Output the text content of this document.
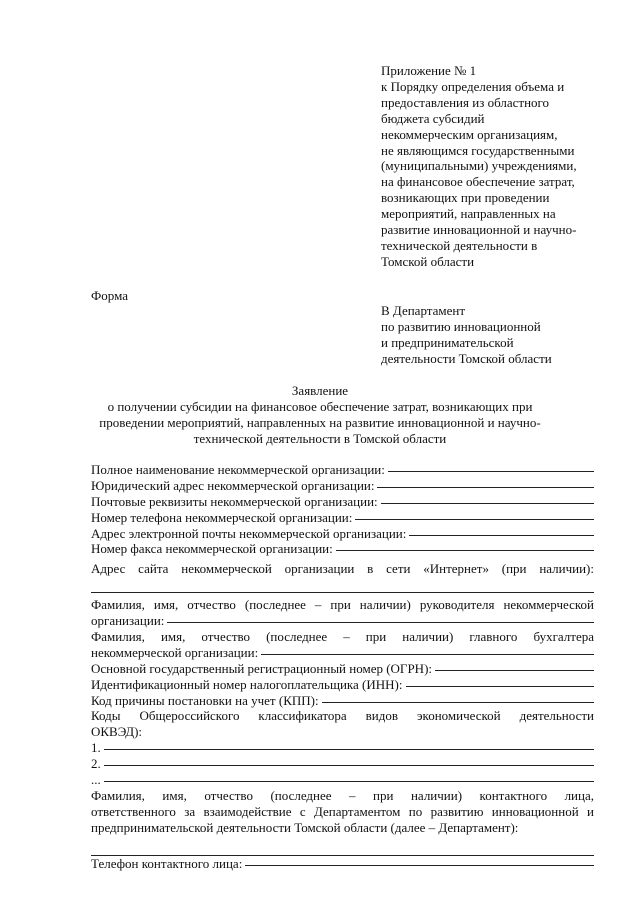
Приложение № 1
к Порядку определения объема и
предоставления из областного
бюджета субсидий
некоммерческим организациям,
не являющимся государственными
(муниципальными) учреждениями,
на финансовое обеспечение затрат,
возникающих при проведении
мероприятий, направленных на
развитие инновационной и научно-
технической деятельности в
Томской области
Форма
В Департамент
по развитию инновационной
и предпринимательской
деятельности Томской области
Заявление
о получении субсидии на финансовое обеспечение затрат, возникающих при
проведении мероприятий, направленных на развитие инновационной и научно-
технической деятельности в Томской области
Полное наименование некоммерческой организации:
Юридический адрес некоммерческой организации:
Почтовые реквизиты некоммерческой организации:
Номер телефона некоммерческой организации:
Адрес электронной почты некоммерческой организации:
Номер факса некоммерческой организации:
Адрес сайта некоммерческой организации в сети «Интернет» (при наличии):
Фамилия, имя, отчество (последнее – при наличии) руководителя некоммерческой
организации:
Фамилия, имя, отчество (последнее – при наличии) главного бухгалтера
некоммерческой организации:
Основной государственный регистрационный номер (ОГРН):
Идентификационный номер налогоплательщика (ИНН):
Код причины постановки на учет (КПП):
Коды Общероссийского классификатора видов экономической деятельности
ОКВЭД):
1.
2.
...
Фамилия, имя, отчество (последнее – при наличии) контактного лица,
ответственного за взаимодействие с Департаментом по развитию инновационной и
предпринимательской деятельности Томской области (далее – Департамент):
Телефон контактного лица:
